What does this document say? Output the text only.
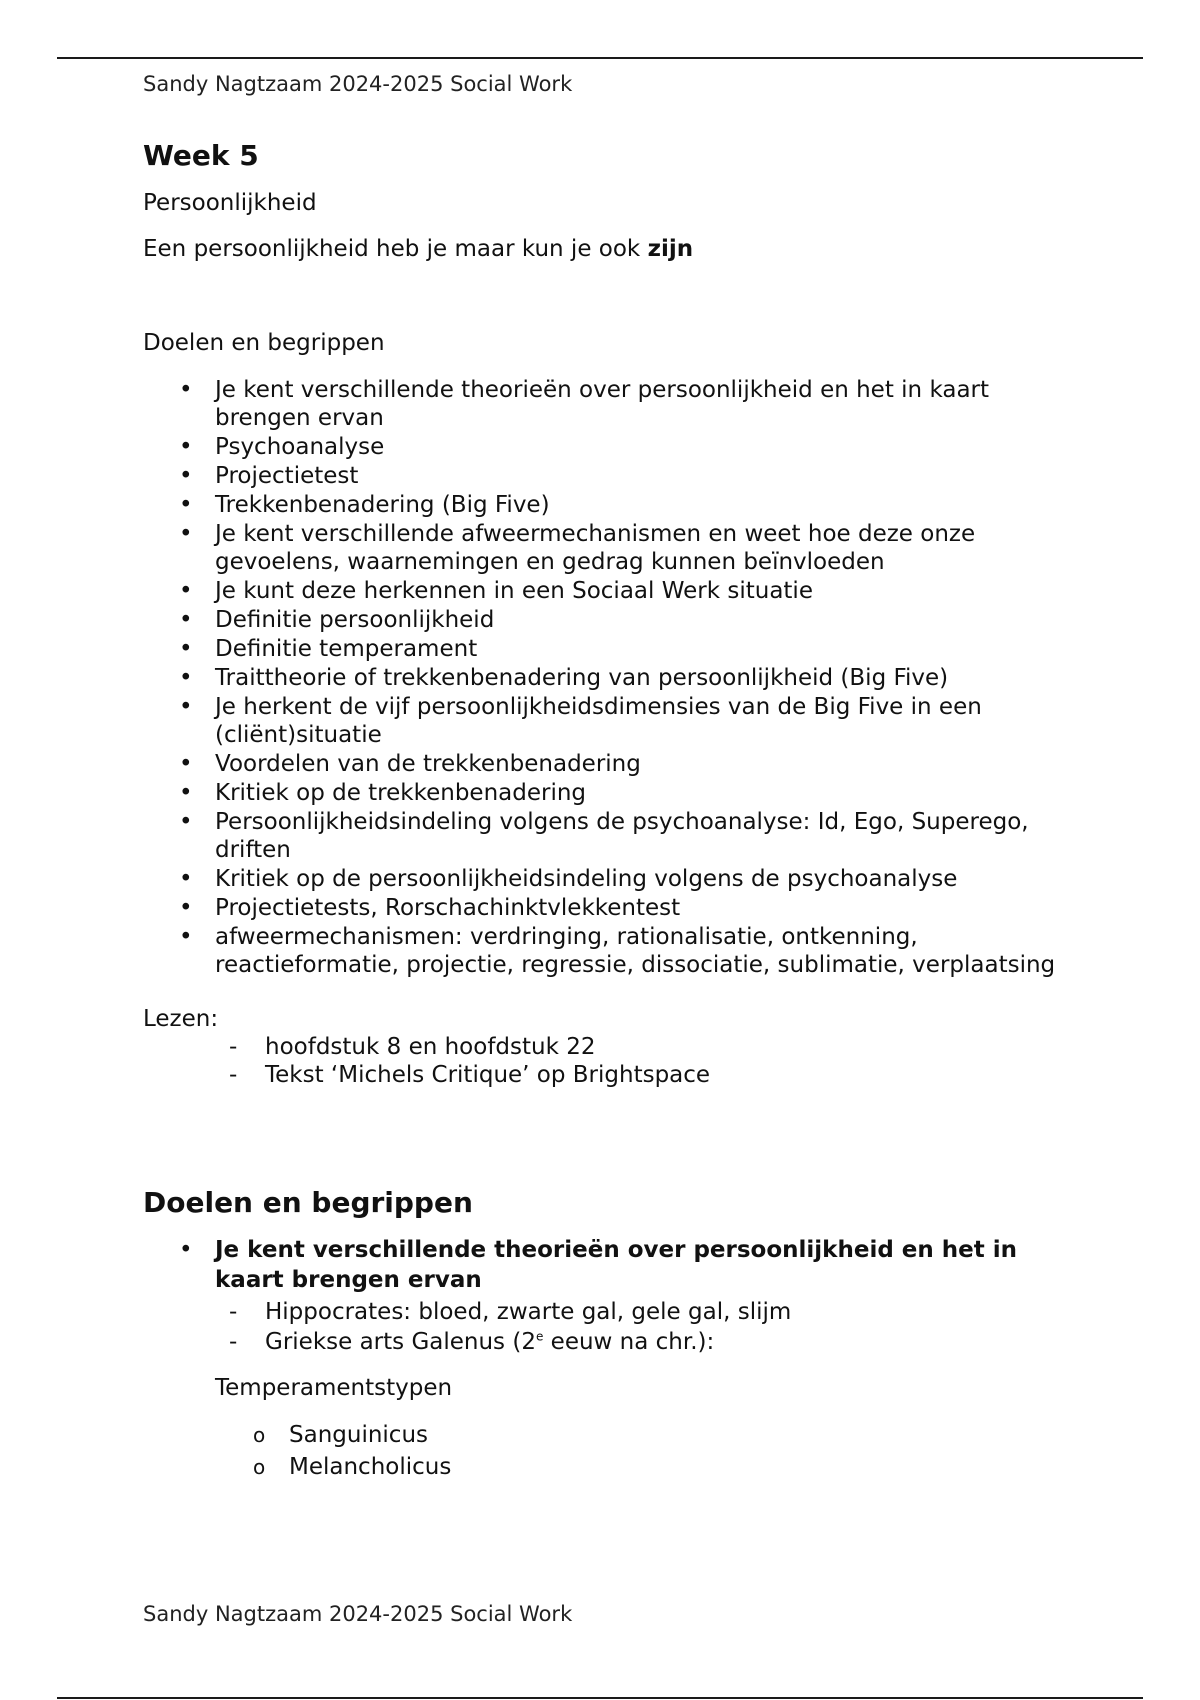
Sandy Nagtzaam 2024-2025 Social Work
Week 5
Persoonlijkheid
Een persoonlijkheid heb je maar kun je ook zijn
Doelen en begrippen
• Je kent verschillende theorieën over persoonlijkheid en het in kaart brengen ervan
• Psychoanalyse
• Projectietest
• Trekkenbenadering (Big Five)
• Je kent verschillende afweermechanismen en weet hoe deze onze gevoelens, waarnemingen en gedrag kunnen beïnvloeden
• Je kunt deze herkennen in een Sociaal Werk situatie
• Definitie persoonlijkheid
• Definitie temperament
• Traittheorie of trekkenbenadering van persoonlijkheid (Big Five)
• Je herkent de vijf persoonlijkheidsdimensies van de Big Five in een (cliënt)situatie
• Voordelen van de trekkenbenadering
• Kritiek op de trekkenbenadering
• Persoonlijkheidsindeling volgens de psychoanalyse: Id, Ego, Superego, driften
• Kritiek op de persoonlijkheidsindeling volgens de psychoanalyse
• Projectietests, Rorschachinktvlekkentest
• afweermechanismen: verdringing, rationalisatie, ontkenning, reactieformatie, projectie, regressie, dissociatie, sublimatie, verplaatsing
Lezen:
- hoofdstuk 8 en hoofdstuk 22
- Tekst ‘Michels Critique’ op Brightspace
Doelen en begrippen
• Je kent verschillende theorieën over persoonlijkheid en het in kaart brengen ervan
- Hippocrates: bloed, zwarte gal, gele gal, slijm
- Griekse arts Galenus (2e eeuw na chr.):
Temperamentstypen
o Sanguinicus
o Melancholicus
Sandy Nagtzaam 2024-2025 Social Work
